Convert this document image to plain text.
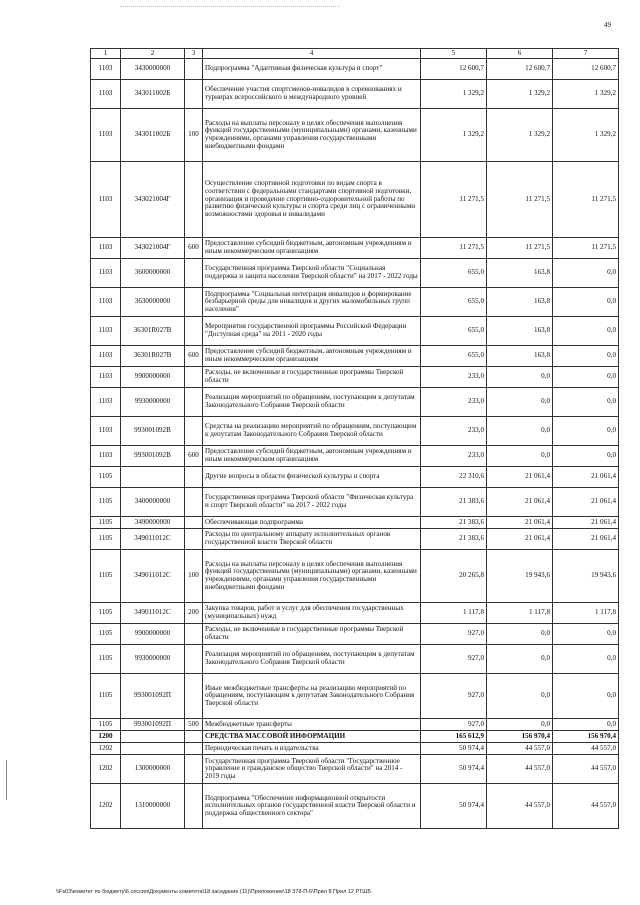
49
1	2	3	4	5	6	7
1103	3430000000		Подпрограмма "Адаптивная физическая культура и спорт"	12 600,7	12 600,7	12 600,7
1103	343011002Б		Обеспечение участия спортсменов-инвалидов в соревнованиях и турнирах всероссийского и международного уровней	1 329,2	1 329,2	1 329,2
1103	343011002Б	100	Расходы на выплаты персоналу в целях обеспечения выполнения функций государственными (муниципальными) органами, казенными учреждениями, органами управления государственными внебюджетными фондами	1 329,2	1 329,2	1 329,2
1103	343021004Г		Осуществление спортивной подготовки по видам спорта в соответствии с федеральными стандартами спортивной подготовки, организация и проведение спортивно-оздоровительной работы по развитию физической культуры и спорта среди лиц с ограниченными возможностями здоровья и инвалидами	11 271,5	11 271,5	11 271,5
1103	343021004Г	600	Предоставление субсидий бюджетным, автономным учреждениям и иным некоммерческим организациям	11 271,5	11 271,5	11 271,5
1103	3600000000		Государственная программа Тверской области "Социальная поддержка и защита населения Тверской области" на 2017 - 2022 годы	655,0	163,8	0,0
1103	3630000000		Подпрограмма "Социальная интеграция инвалидов и формирование безбарьерной среды для инвалидов и других маломобильных групп населения"	655,0	163,8	0,0
1103	36301R027В		Мероприятия государственной программы Российской Федерации "Доступная среда" на 2011 - 2020 годы	655,0	163,8	0,0
1103	36301R027В	600	Предоставление субсидий бюджетным, автономным учреждениям и иным некоммерческим организациям	655,0	163,8	0,0
1103	9900000000		Расходы, не включенные в государственные программы Тверской области	233,0	0,0	0,0
1103	9930000000		Реализация мероприятий по обращениям, поступающим к депутатам Законодательного Собрания Тверской области	233,0	0,0	0,0
1103	993001092В		Средства на реализацию мероприятий по обращениям, поступающим к депутатам Законодательного Собрания Тверской области	233,0	0,0	0,0
1103	993001092В	600	Предоставление субсидий бюджетным, автономным учреждениям и иным некоммерческим организациям	233,0	0,0	0,0
1105			Другие вопросы в области физической культуры и спорта	22 310,6	21 061,4	21 061,4
1105	3400000000		Государственная программа Тверской области "Физическая культура и спорт Тверской области" на 2017 - 2022 годы	21 383,6	21 061,4	21 061,4
1105	3490000000		Обеспечивающая подпрограмма	21 383,6	21 061,4	21 061,4
1105	349011012С		Расходы по центральному аппарату исполнительных органов государственной власти Тверской области	21 383,6	21 061,4	21 061,4
1105	349011012С	100	Расходы на выплаты персоналу в целях обеспечения выполнения функций государственными (муниципальными) органами, казенными учреждениями, органами управления государственными внебюджетными фондами	20 265,8	19 943,6	19 943,6
1105	349011012С	200	Закупка товаров, работ и услуг для обеспечения государственных (муниципальных) нужд	1 117,8	1 117,8	1 117,8
1105	9900000000		Расходы, не включенные в государственные программы Тверской области	927,0	0,0	0,0
1105	9930000000		Реализация мероприятий по обращениям, поступающим к депутатам Законодательного Собрания Тверской области	927,0	0,0	0,0
1105	993001092П		Иные межбюджетные трансферты на реализацию мероприятий по обращениям, поступающим к депутатам Законодательного Собрания Тверской области	927,0	0,0	0,0
1105	993001092П	500	Межбюджетные трансферты	927,0	0,0	0,0
1200			СРЕДСТВА МАССОВОЙ ИНФОРМАЦИИ	165 612,9	156 970,4	156 970,4
1202			Периодическая печать и издательства	50 974,4	44 557,0	44 557,0
1202	1300000000		Государственная программа Тверской области "Государственное управление и гражданское общество Тверской области" на 2014 - 2019 годы	50 974,4	44 557,0	44 557,0
1202	1310000000		Подпрограмма "Обеспечение информационной открытости исполнительных органов государственной власти Тверской области и поддержка общественного сектора"	50 974,4	44 557,0	44 557,0
\\Fs03\комитет по бюджету\6 сессия\Документы комитета\18 заседание (11)\Приложение\18 378-П-6\Прил 8 Прил 12 РТШБ
